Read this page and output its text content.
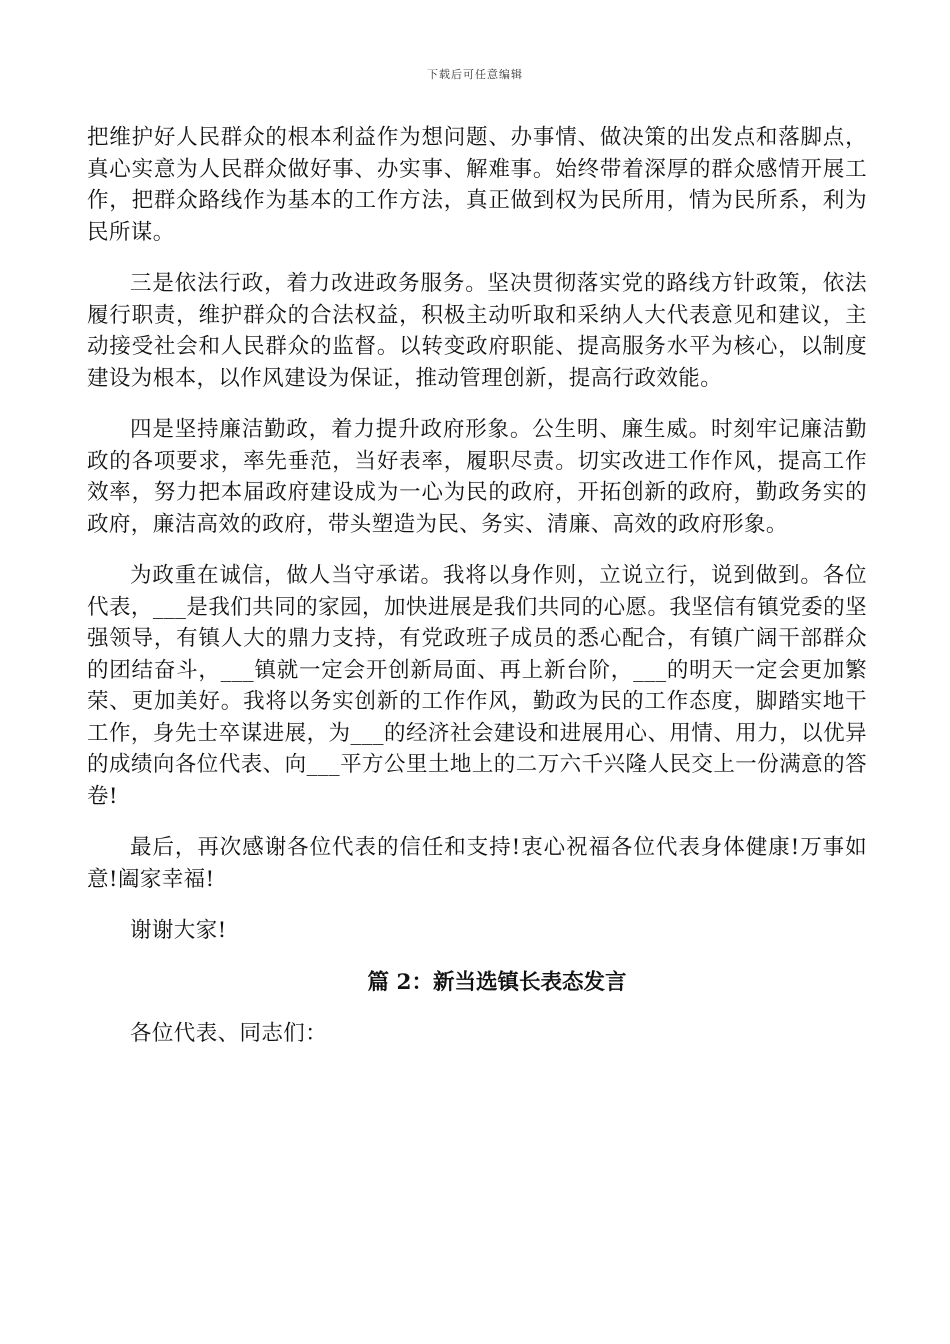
下载后可任意编辑

把维护好人民群众的根本利益作为想问题、办事情、做决策的出发点和落脚点，真心实意为人民群众做好事、办实事、解难事。始终带着深厚的群众感情开展工作，把群众路线作为基本的工作方法，真正做到权为民所用，情为民所系，利为民所谋。

三是依法行政，着力改进政务服务。坚决贯彻落实党的路线方针政策，依法履行职责，维护群众的合法权益，积极主动听取和采纳人大代表意见和建议，主动接受社会和人民群众的监督。以转变政府职能、提高服务水平为核心，以制度建设为根本，以作风建设为保证，推动管理创新，提高行政效能。

四是坚持廉洁勤政，着力提升政府形象。公生明、廉生威。时刻牢记廉洁勤政的各项要求，率先垂范，当好表率，履职尽责。切实改进工作作风，提高工作效率，努力把本届政府建设成为一心为民的政府，开拓创新的政府，勤政务实的政府，廉洁高效的政府，带头塑造为民、务实、清廉、高效的政府形象。

为政重在诚信，做人当守承诺。我将以身作则，立说立行，说到做到。各位代表，___是我们共同的家园，加快进展是我们共同的心愿。我坚信有镇党委的坚强领导，有镇人大的鼎力支持，有党政班子成员的悉心配合，有镇广阔干部群众的团结奋斗，___镇就一定会开创新局面、再上新台阶，___的明天一定会更加繁荣、更加美好。我将以务实创新的工作作风，勤政为民的工作态度，脚踏实地干工作，身先士卒谋进展，为___的经济社会建设和进展用心、用情、用力，以优异的成绩向各位代表、向___平方公里土地上的二万六千兴隆人民交上一份满意的答卷!

最后，再次感谢各位代表的信任和支持!衷心祝福各位代表身体健康!万事如意!阖家幸福!

谢谢大家!

篇 2：新当选镇长表态发言

各位代表、同志们：
